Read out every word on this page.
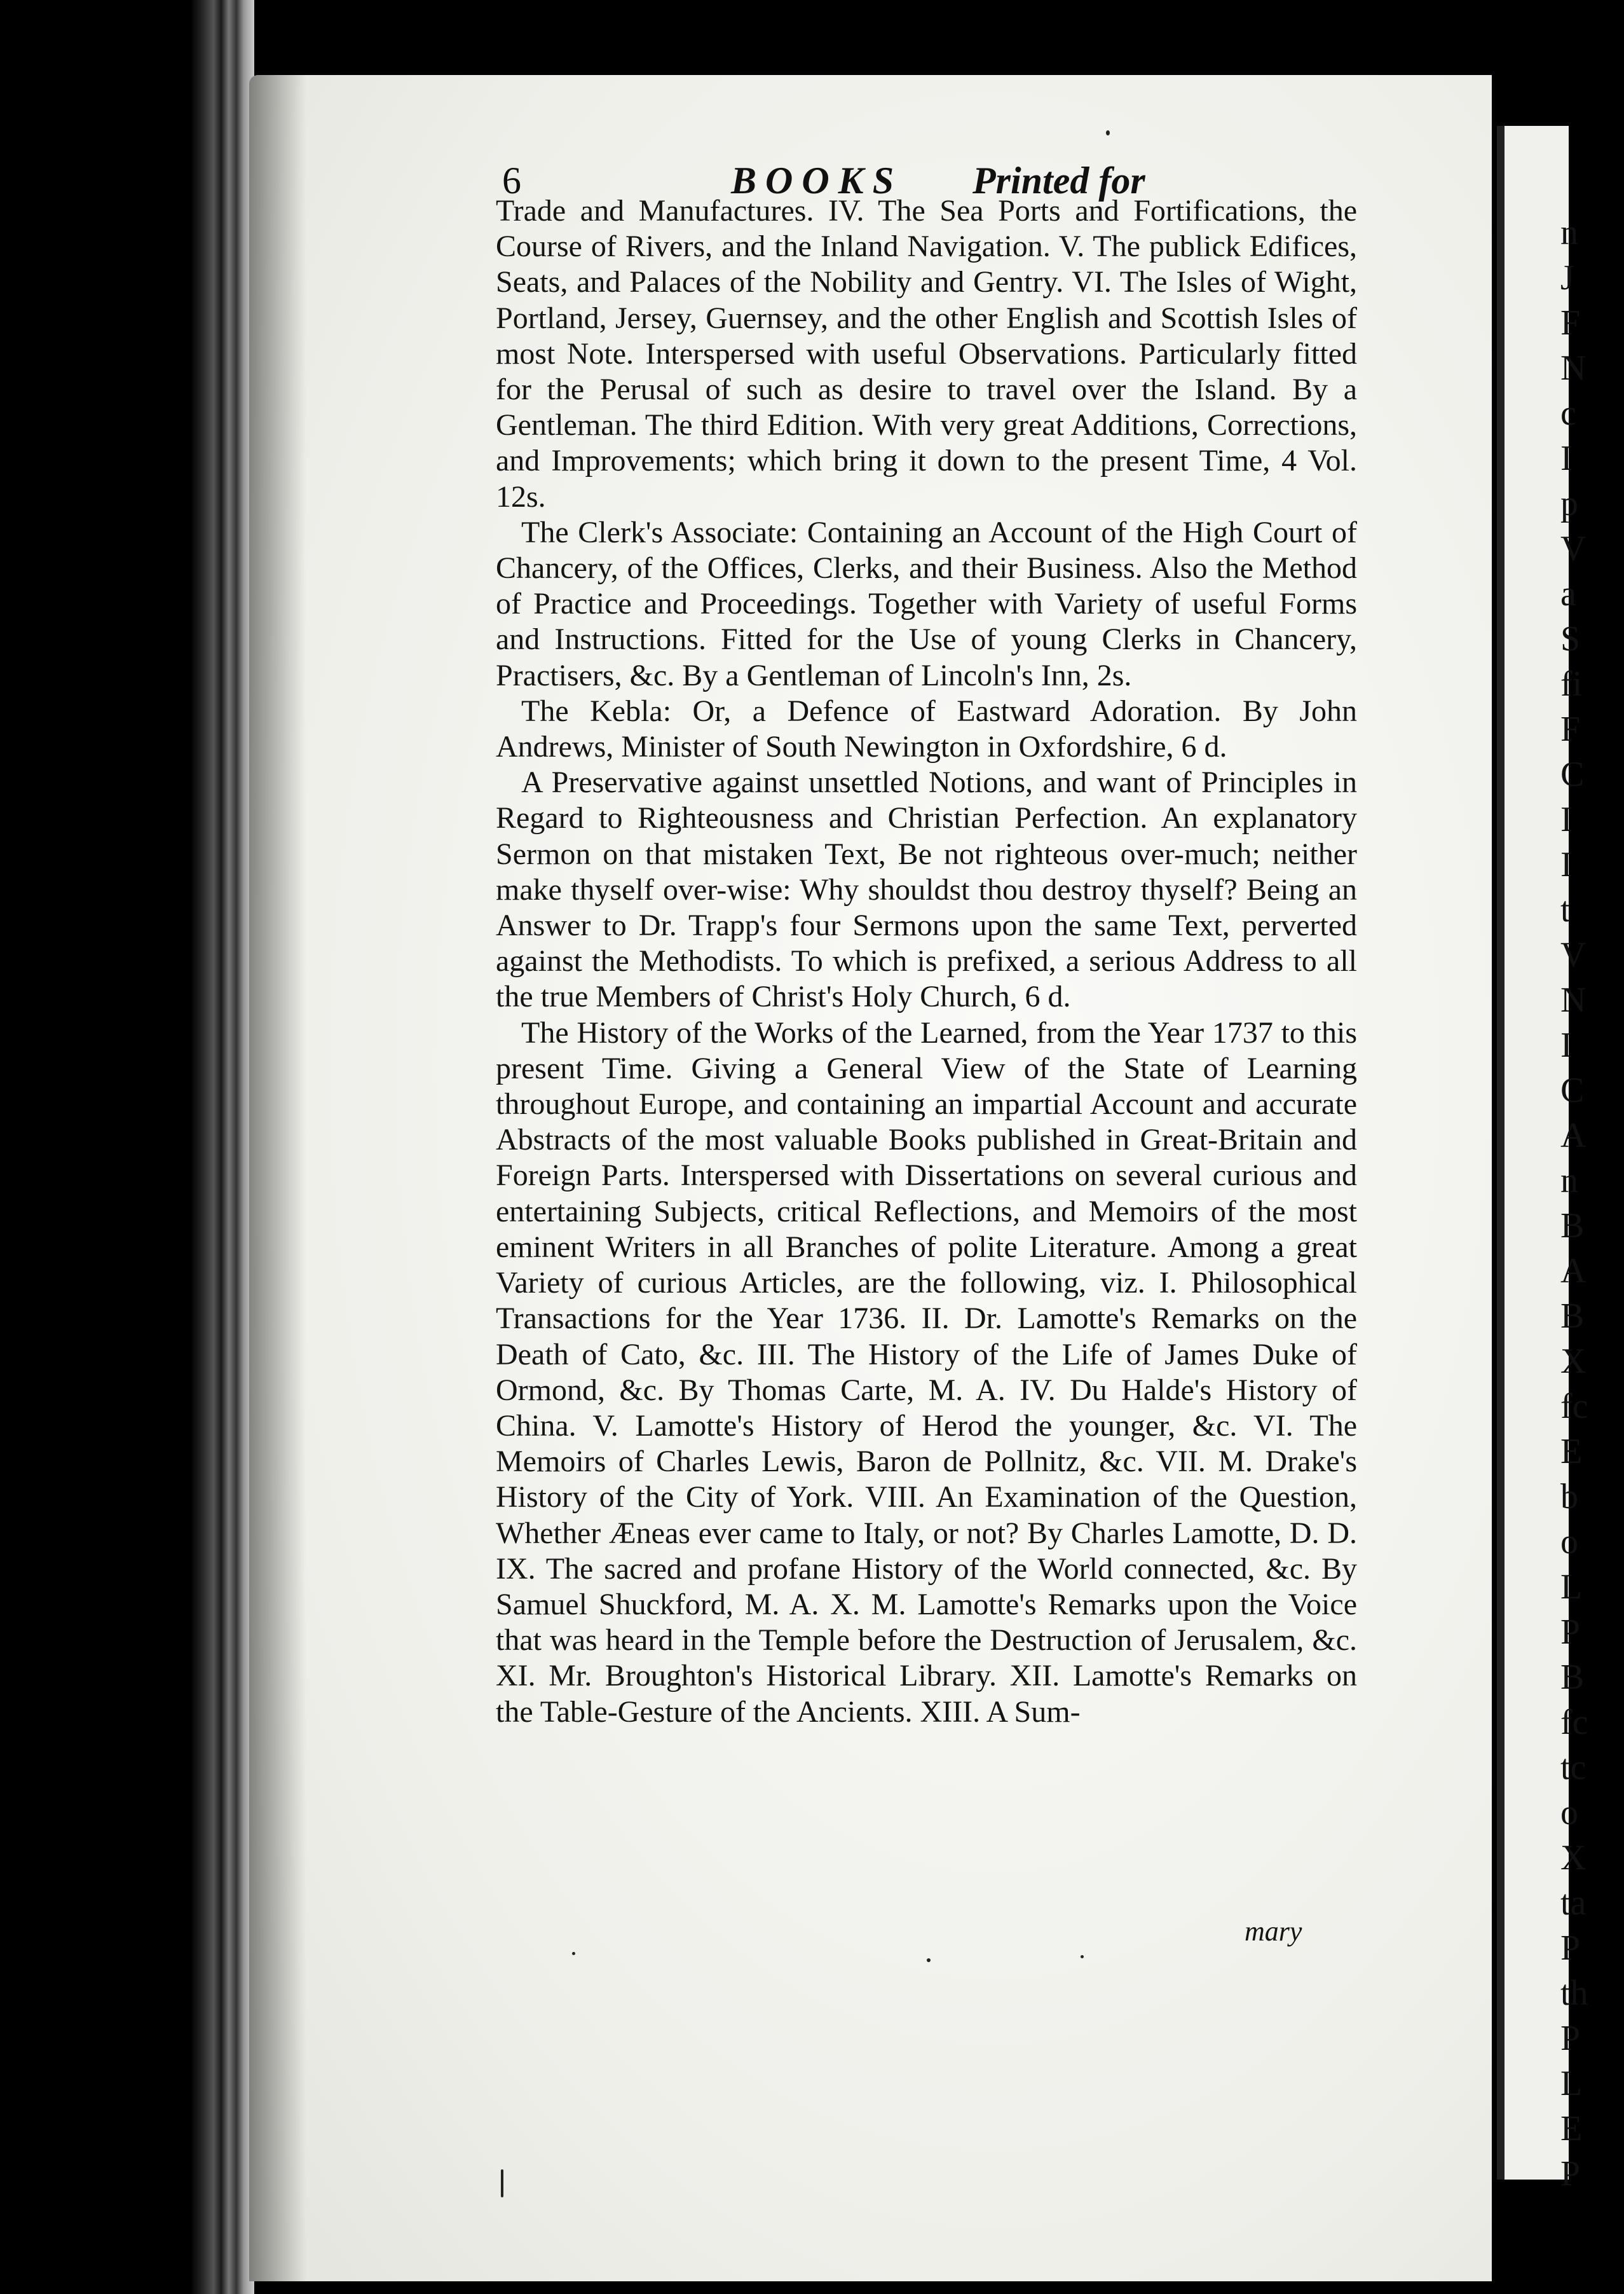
n
J
F
N
c
I
p
V
a
S
fi
F
C
I
I
t
V
N
I
C
A
n
B
A
B
X
fc
E
b
o
L
P
B
fc
tc
o
X
ta
P
th
P
L
E
P
6	BOOKS Printed for

Trade and Manufactures. IV. The Sea Ports and Fortifications, the Course of Rivers, and the Inland Navigation. V. The publick Edifices, Seats, and Palaces of the Nobility and Gentry. VI. The Isles of Wight, Portland, Jersey, Guernsey, and the other English and Scottish Isles of most Note. Interspersed with useful Observations. Particularly fitted for the Perusal of such as desire to travel over the Island. By a Gentleman. The third Edition. With very great Additions, Corrections, and Improvements; which bring it down to the present Time, 4 Vol. 12s.

The Clerk's Associate: Containing an Account of the High Court of Chancery, of the Offices, Clerks, and their Business. Also the Method of Practice and Proceedings. Together with Variety of useful Forms and Instructions. Fitted for the Use of young Clerks in Chancery, Practisers, &c. By a Gentleman of Lincoln's Inn, 2s.

The Kebla: Or, a Defence of Eastward Adoration. By John Andrews, Minister of South Newington in Oxfordshire, 6 d.

A Preservative against unsettled Notions, and want of Principles in Regard to Righteousness and Christian Perfection. An explanatory Sermon on that mistaken Text, Be not righteous over-much; neither make thyself over-wise: Why shouldst thou destroy thyself? Being an Answer to Dr. Trapp's four Sermons upon the same Text, perverted against the Methodists. To which is prefixed, a serious Address to all the true Members of Christ's Holy Church, 6 d.

The History of the Works of the Learned, from the Year 1737 to this present Time. Giving a General View of the State of Learning throughout Europe, and containing an impartial Account and accurate Abstracts of the most valuable Books published in Great-Britain and Foreign Parts. Interspersed with Dissertations on several curious and entertaining Subjects, critical Reflections, and Memoirs of the most eminent Writers in all Branches of polite Literature. Among a great Variety of curious Articles, are the following, viz. I. Philosophical Transactions for the Year 1736. II. Dr. Lamotte's Remarks on the Death of Cato, &c. III. The History of the Life of James Duke of Ormond, &c. By Thomas Carte, M. A. IV. Du Halde's History of China. V. Lamotte's History of Herod the younger, &c. VI. The Memoirs of Charles Lewis, Baron de Pollnitz, &c. VII. M. Drake's History of the City of York. VIII. An Examination of the Question, Whether Æneas ever came to Italy, or not? By Charles Lamotte, D. D. IX. The sacred and profane History of the World connected, &c. By Samuel Shuckford, M. A. X. M. Lamotte's Remarks upon the Voice that was heard in the Temple before the Destruction of Jerusalem, &c. XI. Mr. Broughton's Historical Library. XII. Lamotte's Remarks on the Table-Gesture of the Ancients. XIII. A Sum-

mary
